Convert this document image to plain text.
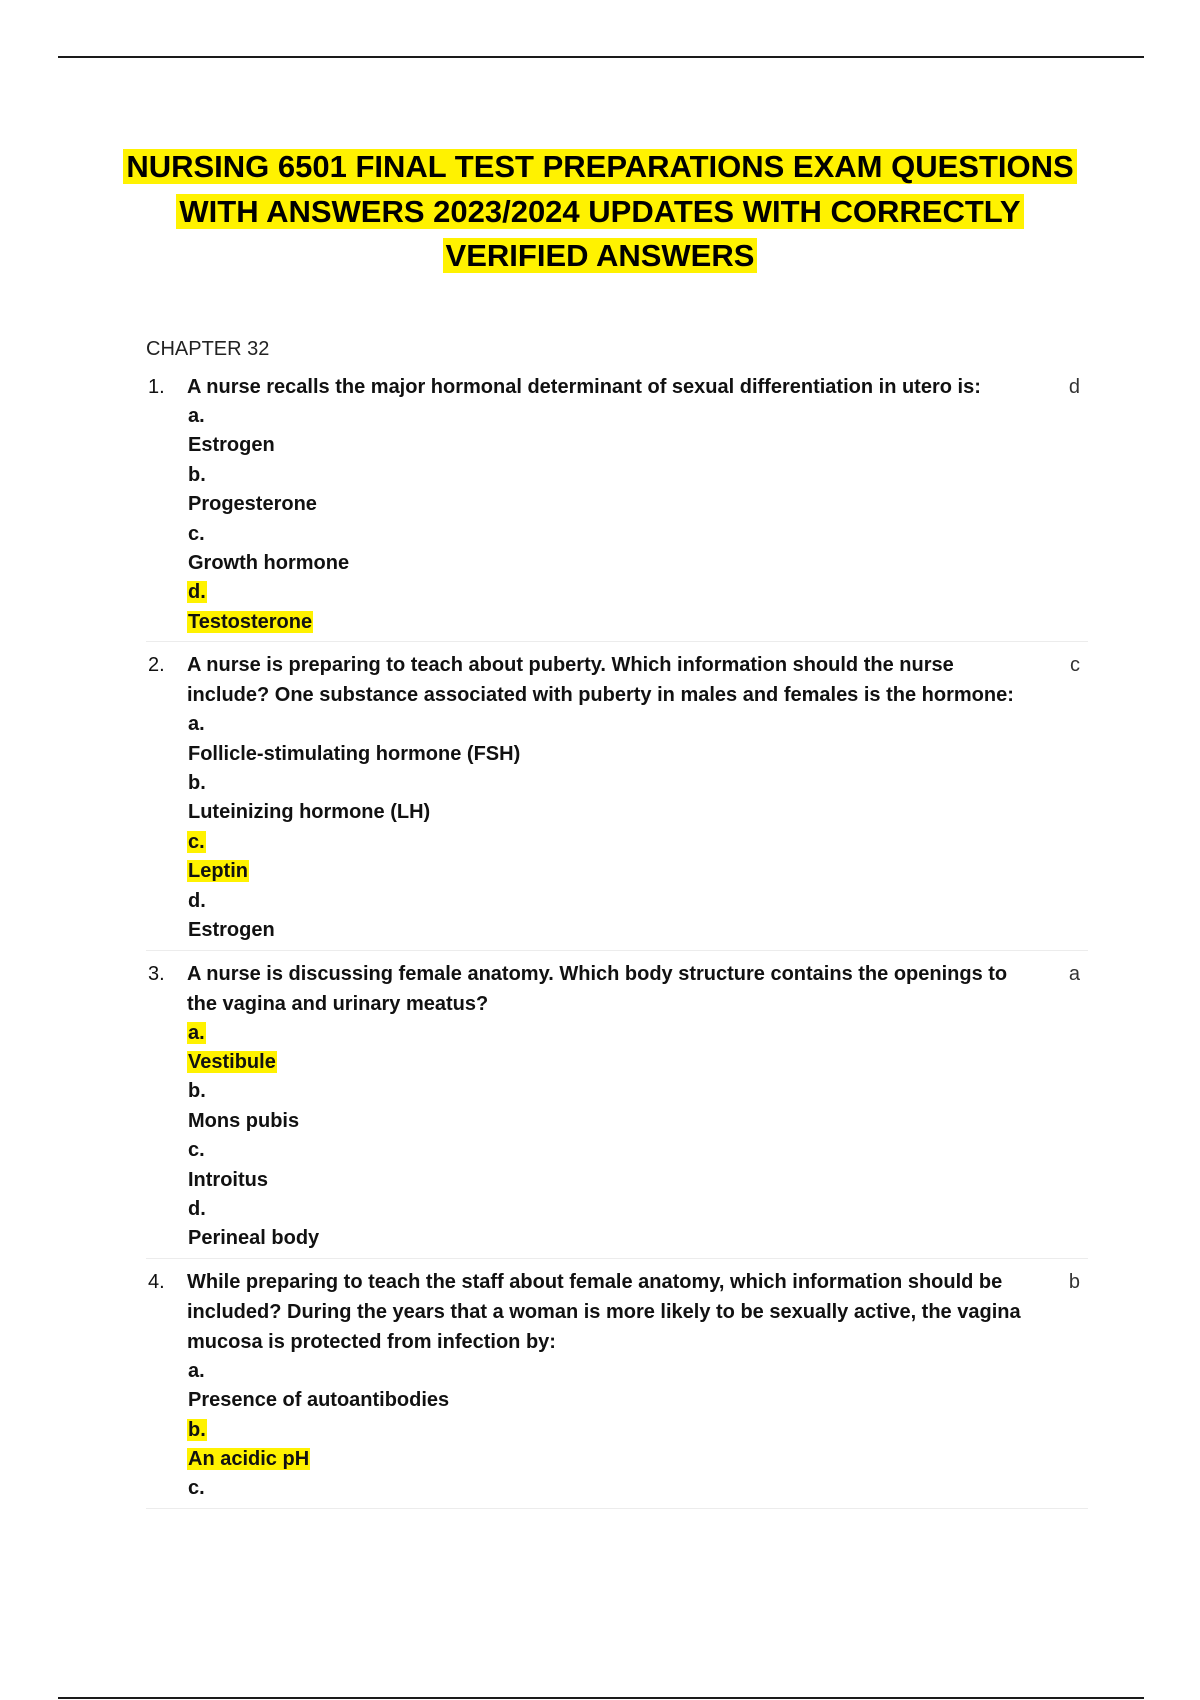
NURSING 6501 FINAL TEST PREPARATIONS EXAM QUESTIONS
WITH ANSWERS 2023/2024 UPDATES WITH CORRECTLY
VERIFIED ANSWERS
CHAPTER 32
1. A nurse recalls the major hormonal determinant of sexual differentiation in utero is:	d
a.
Estrogen
b.
Progesterone
c.
Growth hormone
d.
Testosterone
2. A nurse is preparing to teach about puberty. Which information should the nurse include? One substance associated with puberty in males and females is the hormone:
c
a.
Follicle-stimulating hormone (FSH)
b.
Luteinizing hormone (LH)
c.
Leptin
d.
Estrogen
3. A nurse is discussing female anatomy. Which body structure contains the openings to the vagina and urinary meatus?
a
a.
Vestibule
b.
Mons pubis
c.
Introitus
d.
Perineal body
4. While preparing to teach the staff about female anatomy, which information should be included? During the years that a woman is more likely to be sexually active, the vagina mucosa is protected from infection by:
b
a.
Presence of autoantibodies
b.
An acidic pH
c.
